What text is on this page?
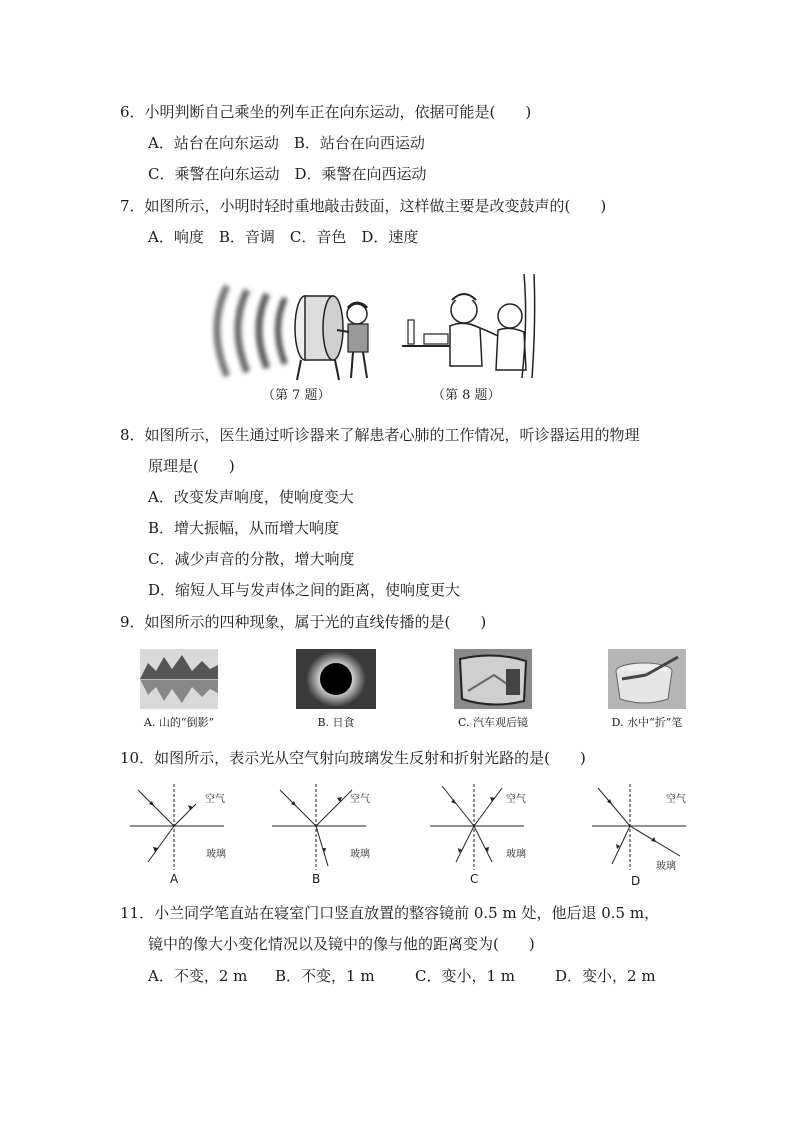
6．小明判断自己乘坐的列车正在向东运动，依据可能是(　　)
A．站台在向东运动　B．站台在向西运动
C．乘警在向东运动　D．乘警在向西运动
7．如图所示，小明时轻时重地敲击鼓面，这样做主要是改变鼓声的(　　)
A．响度　B．音调　C．音色　D．速度
（第 7 题）	（第 8 题）
8．如图所示，医生通过听诊器来了解患者心肺的工作情况，听诊器运用的物理
原理是(　　)
A．改变发声响度，使响度变大
B．增大振幅，从而增大响度
C．减少声音的分散，增大响度
D．缩短人耳与发声体之间的距离，使响度更大
9．如图所示的四种现象，属于光的直线传播的是(　　)
A. 山的“倒影”	B. 日食	C. 汽车观后镜	D. 水中“折”笔
10．如图所示，表示光从空气射向玻璃发生反射和折射光路的是(　　)
空气
玻璃
空气
玻璃
空气
玻璃
空气
玻璃
A	B	C	D
11．小兰同学笔直站在寝室门口竖直放置的整容镜前 0.5 m 处，他后退 0.5 m，
镜中的像大小变化情况以及镜中的像与他的距离变为(　　)
A．不变，2 m B．不变，1 m	C．变小，1 m	D．变小，2 m
